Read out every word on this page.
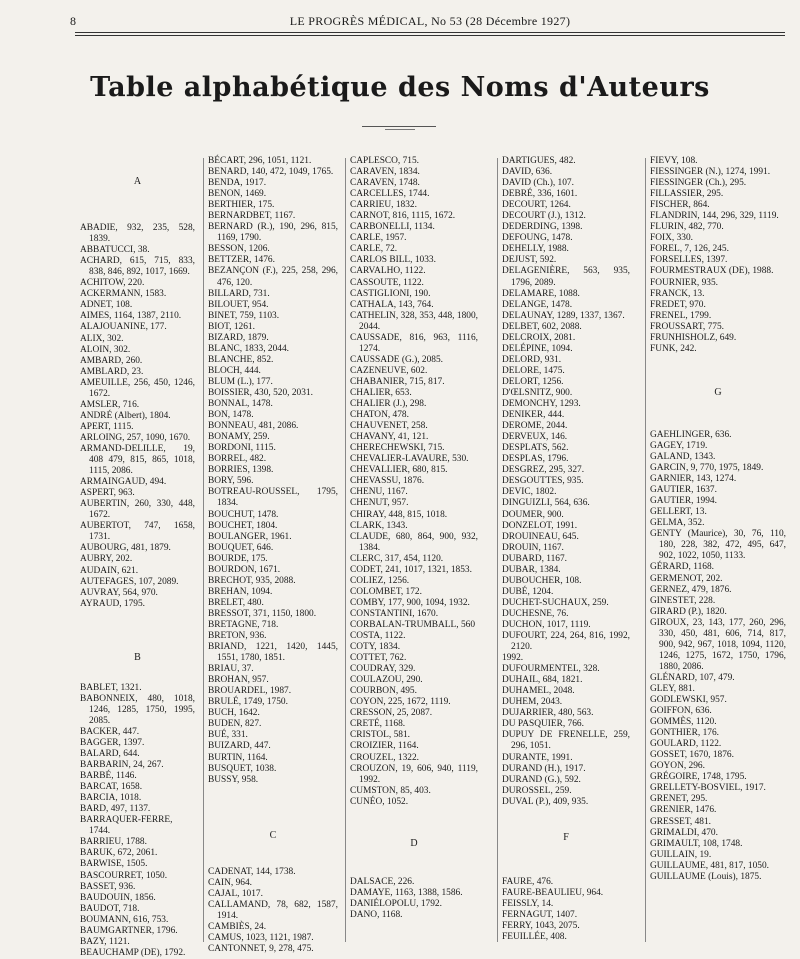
8	LE PROGRÈS MÉDICAL, No 53 (28 Décembre 1927)
Table alphabétique des Noms d'Auteurs

A

ABADIE, 932, 235, 528, 1839.

ABBATUCCI, 38.

ACHARD, 615, 715, 833, 838, 846, 892, 1017, 1669.

ACHITOW, 220.

ACKERMANN, 1583.

ADNET, 108.

AIMES, 1164, 1387, 2110.

ALAJOUANINE, 177.

ALIX, 302.

ALOIN, 302.

AMBARD, 260.

AMBLARD, 23.

AMEUILLE, 256, 450, 1246, 1672.

AMSLER, 716.

ANDRÉ (Albert), 1804.

APERT, 1115.

ARLOING, 257, 1090, 1670.

ARMAND-DELILLE, 19, 408 479, 815, 865, 1018, 1115, 2086.

ARMAINGAUD, 494.

ASPERT, 963.

AUBERTIN, 260, 330, 448, 1672.

AUBERTOT, 747, 1658, 1731.

AUBOURG, 481, 1879.

AUBRY, 202.

AUDAIN, 621.

AUTEFAGES, 107, 2089.

AUVRAY, 564, 970.

AYRAUD, 1795.

B

BABLET, 1321.

BABONNEIX, 480, 1018, 1246, 1285, 1750, 1995, 2085.

BACKER, 447.

BAGGER, 1397.

BALARD, 644.

BARBARIN, 24, 267.

BARBÉ, 1146.

BARCAT, 1658.

BARCIA, 1018.

BARD, 497, 1137.

BARRAQUER-FERRE, 1744.

BARRIEU, 1788.

BARUK, 672, 2061.

BARWISE, 1505.

BASCOURRET, 1050.

BASSET, 936.

BAUDOUIN, 1856.

BAUDOT, 718.

BOUMANN, 616, 753.

BAUMGARTNER, 1796.

BAZY, 1121.

BEAUCHAMP (DE), 1792.

BÉCART, 296, 1051, 1121.

BENARD, 140, 472, 1049, 1765.

BENDA, 1917.

BENON, 1469.

BERTHIER, 175.

BERNARDBET, 1167.

BERNARD (R.), 190, 296, 815, 1169, 1790.

BESSON, 1206.

BETTZER, 1476.

BEZANÇON (F.), 225, 258, 296, 476, 120.

BILLARD, 731.

BILOUET, 954.

BINET, 759, 1103.

BIOT, 1261.

BIZARD, 1879.

BLANC, 1833, 2044.

BLANCHE, 852.

BLOCH, 444.

BLUM (L.), 177.

BOISSIER, 430, 520, 2031.

BONNAL, 1478.

BON, 1478.

BONNEAU, 481, 2086.

BONAMY, 259.

BORDONI, 1115.

BORREL, 482.

BORRIES, 1398.

BORY, 596.

BOTREAU-ROUSSEL, 1795, 1834.

BOUCHUT, 1478.

BOUCHET, 1804.

BOULANGER, 1961.

BOUQUET, 646.

BOURDE, 175.

BOURDON, 1671.

BRECHOT, 935, 2088.

BREHAN, 1094.

BRELET, 480.

BRESSOT, 371, 1150, 1800.

BRETAGNE, 718.

BRETON, 936.

BRIAND, 1221, 1420, 1445, 1551, 1780, 1851.

BRIAU, 37.

BROHAN, 957.

BROUARDEL, 1987.

BRULÉ, 1749, 1750.

BUCH, 1642.

BUDEN, 827.

BUÉ, 331.

BUIZARD, 447.

BURTIN, 1164.

BUSQUET, 1038.

BUSSY, 958.

C

CADENAT, 144, 1738.

CAIN, 964.

CAJAL, 1017.

CALLAMAND, 78, 682, 1587, 1914.

CAMBIÈS, 24.

CAMUS, 1023, 1121, 1987.

CANTONNET, 9, 278, 475.

CAPLESCO, 715.

CARAVEN, 1834.

CARAVEN, 1748.

CARCELLES, 1744.

CARRIEU, 1832.

CARNOT, 816, 1115, 1672.

CARBONELLI, 1134.

CARLE, 1957.

CARLE, 72.

CARLOS BILL, 1033.

CARVALHO, 1122.

CASSOUTE, 1122.

CASTIGLIONI, 190.

CATHALA, 143, 764.

CATHELIN, 328, 353, 448, 1800, 2044.

CAUSSADE, 816, 963, 1116, 1274.

CAUSSADE (G.), 2085.

CAZENEUVE, 602.

CHABANIER, 715, 817.

CHALIER, 653.

CHALIER (J.), 298.

CHATON, 478.

CHAUVENET, 258.

CHAVANY, 41, 121.

CHERECHEWSKI, 715.

CHEVALIER-LAVAURE, 530.

CHEVALLIER, 680, 815.

CHEVASSU, 1876.

CHENU, 1167.

CHENUT, 957.

CHIRAY, 448, 815, 1018.

CLARK, 1343.

CLAUDE, 680, 864, 900, 932, 1384.

CLERC, 317, 454, 1120.

CODET, 241, 1017, 1321, 1853.

COLIEZ, 1256.

COLOMBET, 172.

COMBY, 177, 900, 1094, 1932.

CONSTANTINI, 1670.

CORBALAN-TRUMBALL, 560

COSTA, 1122.

COTY, 1834.

COTTET, 762.

COUDRAY, 329.

COULAZOU, 290.

COURBON, 495.

COYON, 225, 1672, 1119.

CRESSON, 25, 2087.

CRETÉ, 1168.

CRISTOL, 581.

CROIZIER, 1164.

CROUZEL, 1322.

CROUZON, 19, 606, 940, 1119, 1992.

CUMSTON, 85, 403.

CUNÉO, 1052.

D

DALSACE, 226.

DAMAYE, 1163, 1388, 1586.

DANIÉLOPOLU, 1792.

DANO, 1168.

DARTIGUES, 482.

DAVID, 636.

DAVID (Ch.), 107.

DEBRÉ, 336, 1601.

DECOURT, 1264.

DECOURT (J.), 1312.

DEDERDING, 1398.

DEFOUNG, 1478.

DEHELLY, 1988.

DEJUST, 592.

DELAGENIÈRE, 563, 935, 1796, 2089.

DELAMARE, 1088.

DELANGE, 1478.

DELAUNAY, 1289, 1337, 1367.

DELBET, 602, 2088.

DELCROIX, 2081.

DELÉPINE, 1094.

DELORD, 931.

DELORE, 1475.

DELORT, 1256.

D'ŒLSNITZ, 900.

DEMONCHY, 1293.

DENIKER, 444.

DEROME, 2044.

DERVEUX, 146.

DESPLATS, 562.

DESPLAS, 1796.

DESGREZ, 295, 327.

DESGOUTTES, 935.

DEVIC, 1802.

DINGUIZLI, 564, 636.

DOUMER, 900.

DONZELOT, 1991.

DROUINEAU, 645.

DROUIN, 1167.

DUBARD, 1167.

DUBAR, 1384.

DUBOUCHER, 108.

DUBÉ, 1204.

DUCHET-SUCHAUX, 259.

DUCHESNE, 76.

DUCHON, 1017, 1119.

DUFOURT, 224, 264, 816, 1992, 2120.

1992.

DUFOURMENTEL, 328.

DUHAIL, 684, 1821.

DUHAMEL, 2048.

DUHEM, 2043.

DUJARRIER, 480, 563.

DU PASQUIER, 766.

DUPUY DE FRENELLE, 259, 296, 1051.

DURANTE, 1991.

DURAND (H.), 1917.

DURAND (G.), 592.

DUROSSEL, 259.

DUVAL (P.), 409, 935.

F

FAURE, 476.

FAURE-BEAULIEU, 964.

FEISSLY, 14.

FERNAGUT, 1407.

FERRY, 1043, 2075.

FEUILLÉE, 408.

FIEVY, 108.

FIESSINGER (N.), 1274, 1991.

FIESSINGER (Ch.), 295.

FILLASSIER, 295.

FISCHER, 864.

FLANDRIN, 144, 296, 329, 1119.

FLURIN, 482, 770.

FOIX, 330.

FOREL, 7, 126, 245.

FORSELLES, 1397.

FOURMESTRAUX (DE), 1988.

FOURNIER, 935.

FRANCK, 13.

FREDET, 970.

FRENEL, 1799.

FROUSSART, 775.

FRUNHISHOLZ, 649.

FUNK, 242.

G

GAEHLINGER, 636.

GAGEY, 1719.

GALAND, 1343.

GARCIN, 9, 770, 1975, 1849.

GARNIER, 143, 1274.

GAUTIER, 1637.

GAUTIER, 1994.

GELLERT, 13.

GELMA, 352.

GENTY (Maurice), 30, 76, 110, 180, 228, 382, 472, 495, 647, 902, 1022, 1050, 1133.

GÉRARD, 1168.

GERMENOT, 202.

GERNEZ, 479, 1876.

GINESTET, 228.

GIRARD (P.), 1820.

GIROUX, 23, 143, 177, 260, 296, 330, 450, 481, 606, 714, 817, 900, 942, 967, 1018, 1094, 1120, 1246, 1275, 1672, 1750, 1796, 1880, 2086.

GLÉNARD, 107, 479.

GLEY, 881.

GODLEWSKI, 957.

GOIFFON, 636.

GOMMÈS, 1120.

GONTHIER, 176.

GOULARD, 1122.

GOSSET, 1670, 1876.

GOYON, 296.

GRÉGOIRE, 1748, 1795.

GRELLETY-BOSVIEL, 1917.

GRENET, 295.

GRENIER, 1476.

GRESSET, 481.

GRIMALDI, 470.

GRIMAULT, 108, 1748.

GUILLAIN, 19.

GUILLAUME, 481, 817, 1050.

GUILLAUME (Louis), 1875.
